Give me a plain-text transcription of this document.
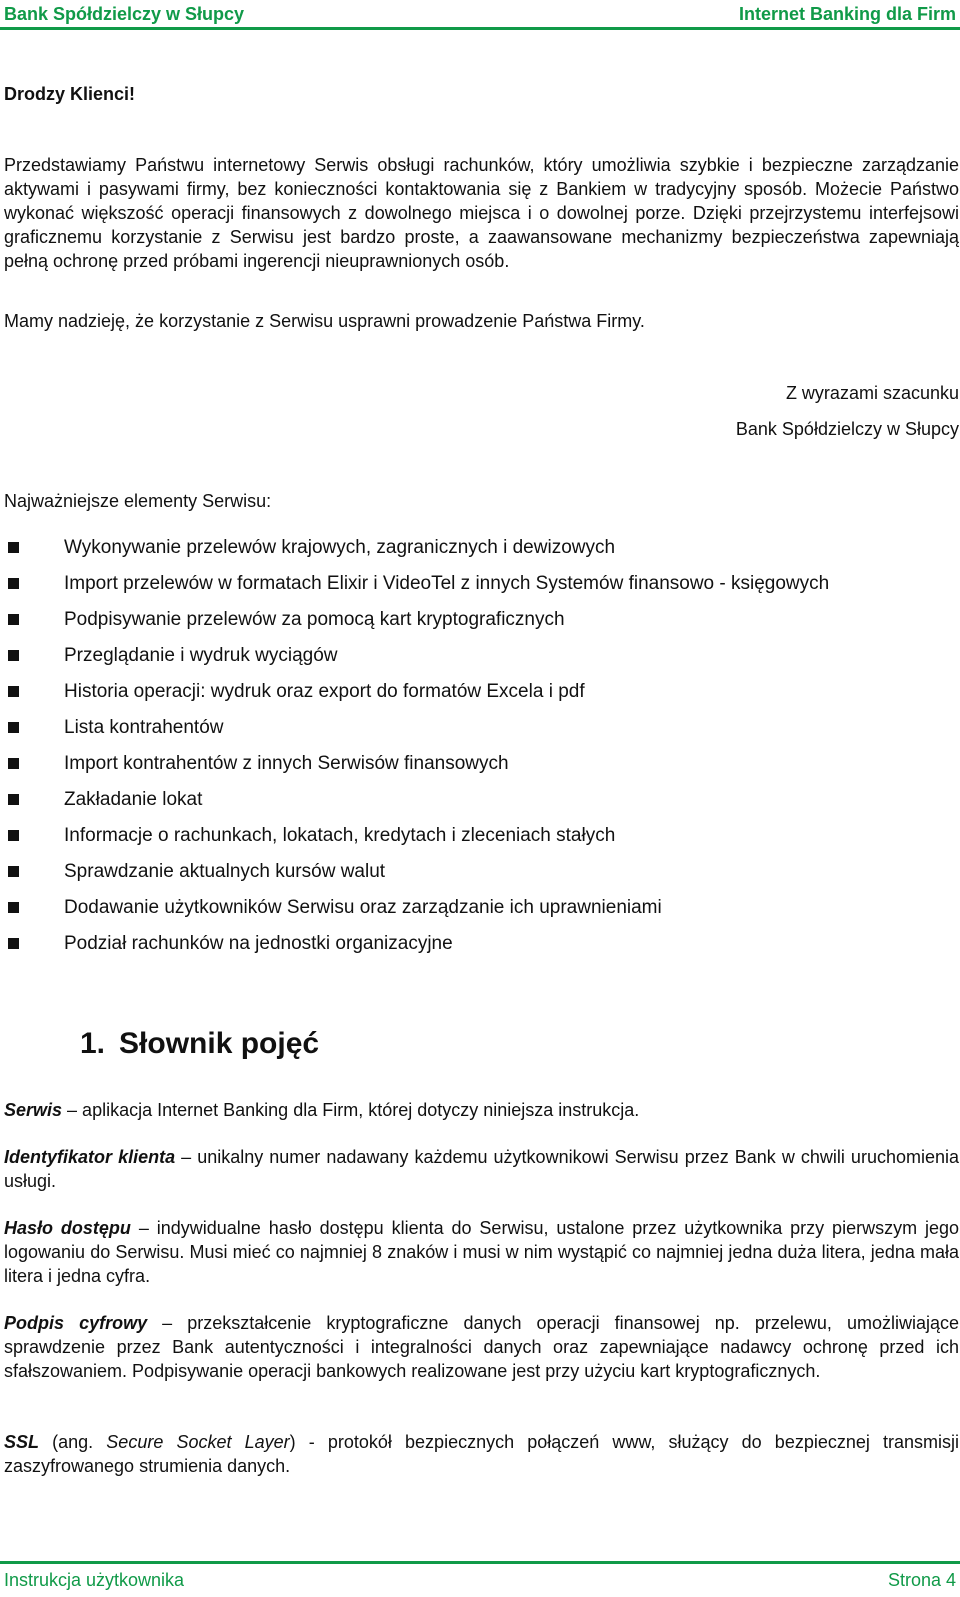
Bank Spółdzielczy w Słupcy	Internet Banking dla Firm
Drodzy Klienci!
Przedstawiamy Państwu internetowy Serwis obsługi rachunków, który umożliwia szybkie i bezpieczne zarządzanie aktywami i pasywami firmy, bez konieczności kontaktowania się z Bankiem w tradycyjny sposób. Możecie Państwo wykonać większość operacji finansowych z dowolnego miejsca i o dowolnej porze. Dzięki przejrzystemu interfejsowi graficznemu korzystanie z Serwisu jest bardzo proste, a zaawansowane mechanizmy bezpieczeństwa zapewniają pełną ochronę przed próbami ingerencji nieuprawnionych osób.
Mamy nadzieję, że korzystanie z Serwisu usprawni prowadzenie Państwa Firmy.
Z wyrazami szacunku
Bank Spółdzielczy w Słupcy
Najważniejsze elementy Serwisu:
Wykonywanie przelewów krajowych, zagranicznych i dewizowych
Import przelewów w formatach Elixir i VideoTel z innych Systemów finansowo - księgowych
Podpisywanie przelewów za pomocą kart kryptograficznych
Przeglądanie i wydruk wyciągów
Historia operacji: wydruk oraz export do formatów Excela i pdf
Lista kontrahentów
Import kontrahentów z innych Serwisów finansowych
Zakładanie lokat
Informacje o rachunkach, lokatach, kredytach i zleceniach stałych
Sprawdzanie aktualnych kursów walut
Dodawanie użytkowników Serwisu oraz zarządzanie ich uprawnieniami
Podział rachunków na jednostki organizacyjne
1. Słownik pojęć
Serwis – aplikacja Internet Banking dla Firm, której dotyczy niniejsza instrukcja.
Identyfikator klienta – unikalny numer nadawany każdemu użytkownikowi Serwisu przez Bank w chwili uruchomienia usługi.
Hasło dostępu – indywidualne hasło dostępu klienta do Serwisu, ustalone przez użytkownika przy pierwszym jego logowaniu do Serwisu. Musi mieć co najmniej 8 znaków i musi w nim wystąpić co najmniej jedna duża litera, jedna mała litera i jedna cyfra.
Podpis cyfrowy – przekształcenie kryptograficzne danych operacji finansowej np. przelewu, umożliwiające sprawdzenie przez Bank autentyczności i integralności danych oraz zapewniające nadawcy ochronę przed ich sfałszowaniem. Podpisywanie operacji bankowych realizowane jest przy użyciu kart kryptograficznych.
SSL (ang. Secure Socket Layer) - protokół bezpiecznych połączeń www, służący do bezpiecznej transmisji zaszyfrowanego strumienia danych.
Instrukcja użytkownika	Strona 4
